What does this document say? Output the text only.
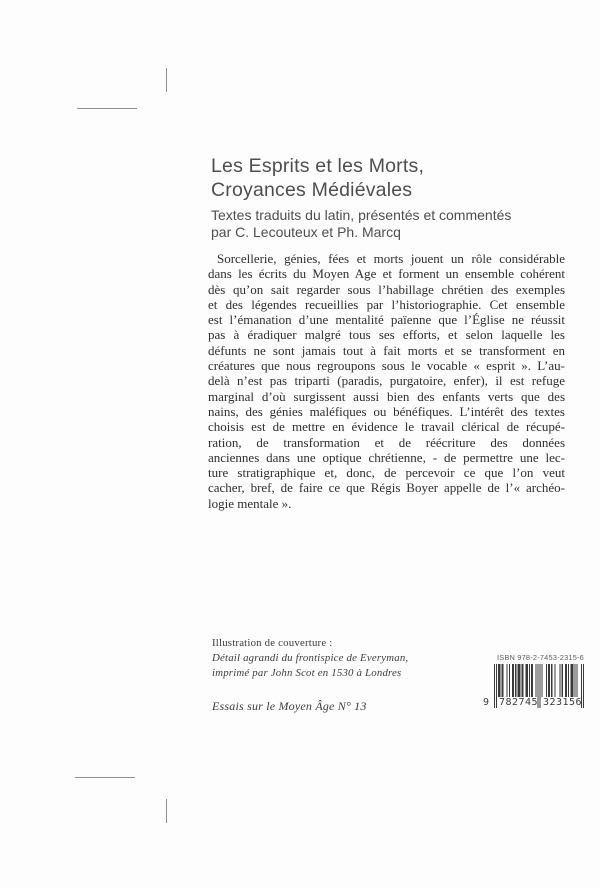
Les Esprits et les Morts,
Croyances Médiévales
Textes traduits du latin, présentés et commentés
par C. Lecouteux et Ph. Marcq
Sorcellerie, génies, fées et morts jouent un rôle considérable
dans les écrits du Moyen Age et forment un ensemble cohérent
dès qu’on sait regarder sous l’habillage chrétien des exemples
et des légendes recueillies par l’historiographie. Cet ensemble
est l’émanation d’une mentalité païenne que l’Église ne réussit
pas à éradiquer malgré tous ses efforts, et selon laquelle les
défunts ne sont jamais tout à fait morts et se transforment en
créatures que nous regroupons sous le vocable « esprit ». L’au-
delà n’est pas triparti (paradis, purgatoire, enfer), il est refuge
marginal d’où surgissent aussi bien des enfants verts que des
nains, des génies maléfiques ou bénéfiques. L’intérêt des textes
choisis est de mettre en évidence le travail clérical de récupé-
ration, de transformation et de réécriture des données
anciennes dans une optique chrétienne, - de permettre une lec-
ture stratigraphique et, donc, de percevoir ce que l’on veut
cacher, bref, de faire ce que Régis Boyer appelle de l’« archéo-
logie mentale ».
Illustration de couverture :
Détail agrandi du frontispice de Everyman,
imprimé par John Scot en 1530 à Londres
Essais sur le Moyen Âge N° 13
ISBN 978-2-7453-2315-6
9 782745 323156
